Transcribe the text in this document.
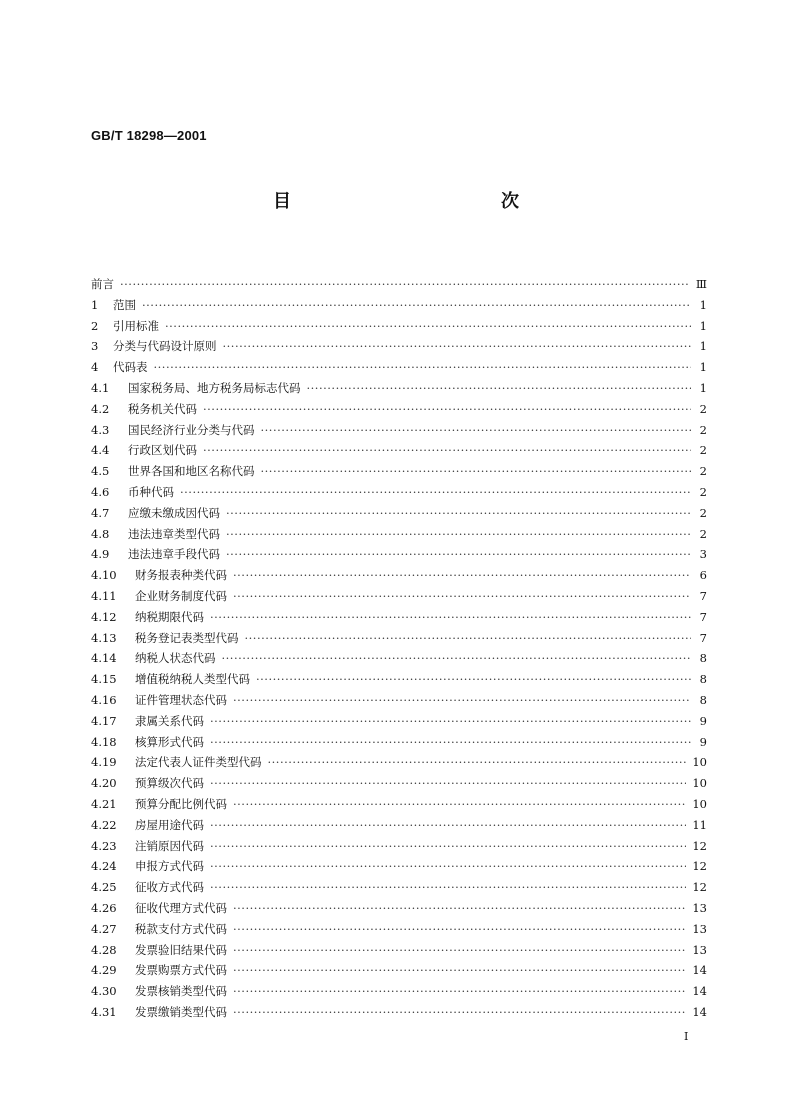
GB/T 18298—2001
目　　次
前言 ·····	Ⅲ
1	范围 ·····	1
2	引用标准 ·····	1
3	分类与代码设计原则 ·····	1
4	代码表 ·····	1
4.1	国家税务局、地方税务局标志代码 ·····	1
4.2	税务机关代码 ·····	2
4.3	国民经济行业分类与代码 ·····	2
4.4	行政区划代码 ·····	2
4.5	世界各国和地区名称代码 ·····	2
4.6	币种代码 ·····	2
4.7	应缴未缴成因代码 ·····	2
4.8	违法违章类型代码 ·····	2
4.9	违法违章手段代码 ·····	3
4.10	财务报表种类代码 ·····	6
4.11	企业财务制度代码 ·····	7
4.12	纳税期限代码 ·····	7
4.13	税务登记表类型代码 ·····	7
4.14	纳税人状态代码 ·····	8
4.15	增值税纳税人类型代码 ·····	8
4.16	证件管理状态代码 ·····	8
4.17	隶属关系代码 ·····	9
4.18	核算形式代码 ·····	9
4.19	法定代表人证件类型代码 ·····	10
4.20	预算级次代码 ·····	10
4.21	预算分配比例代码 ·····	10
4.22	房屋用途代码 ·····	11
4.23	注销原因代码 ·····	12
4.24	申报方式代码 ·····	12
4.25	征收方式代码 ·····	12
4.26	征收代理方式代码 ·····	13
4.27	税款支付方式代码 ·····	13
4.28	发票验旧结果代码 ·····	13
4.29	发票购票方式代码 ·····	14
4.30	发票核销类型代码 ·····	14
4.31	发票缴销类型代码 ·····	14
I
